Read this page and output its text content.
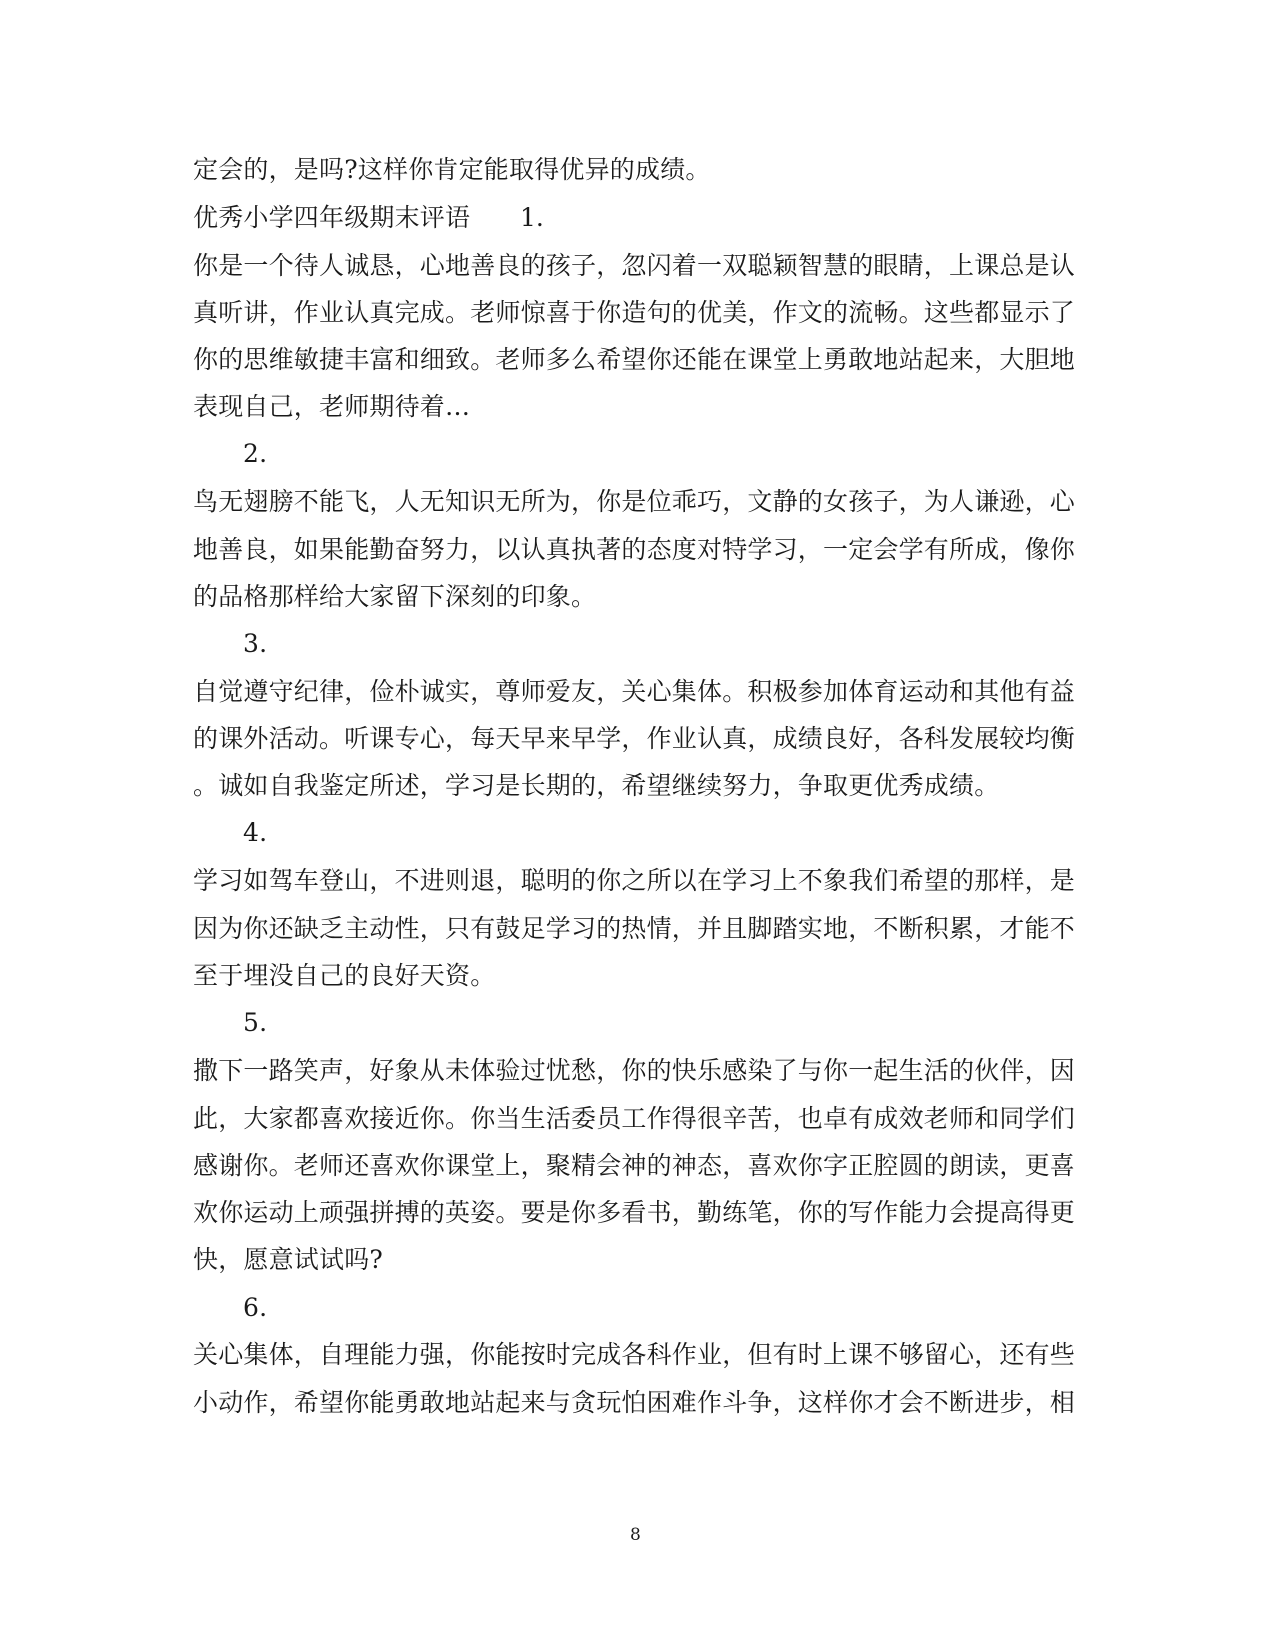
定会的，是吗?这样你肯定能取得优异的成绩。
优秀小学四年级期末评语 1.
你是一个待人诚恳，心地善良的孩子，忽闪着一双聪颖智慧的眼睛，上课总是认
真听讲，作业认真完成。老师惊喜于你造句的优美，作文的流畅。这些都显示了
你的思维敏捷丰富和细致。老师多么希望你还能在课堂上勇敢地站起来，大胆地
表现自己，老师期待着…
2.
鸟无翅膀不能飞，人无知识无所为，你是位乖巧，文静的女孩子，为人谦逊，心
地善良，如果能勤奋努力，以认真执著的态度对特学习，一定会学有所成，像你
的品格那样给大家留下深刻的印象。
3.
自觉遵守纪律，俭朴诚实，尊师爱友，关心集体。积极参加体育运动和其他有益
的课外活动。听课专心，每天早来早学，作业认真，成绩良好，各科发展较均衡
。诚如自我鉴定所述，学习是长期的，希望继续努力，争取更优秀成绩。
4.
学习如驾车登山，不进则退，聪明的你之所以在学习上不象我们希望的那样，是
因为你还缺乏主动性，只有鼓足学习的热情，并且脚踏实地，不断积累，才能不
至于埋没自己的良好天资。
5.
撒下一路笑声，好象从未体验过忧愁，你的快乐感染了与你一起生活的伙伴，因
此，大家都喜欢接近你。你当生活委员工作得很辛苦，也卓有成效老师和同学们
感谢你。老师还喜欢你课堂上，聚精会神的神态，喜欢你字正腔圆的朗读，更喜
欢你运动上顽强拼搏的英姿。要是你多看书，勤练笔，你的写作能力会提高得更
快，愿意试试吗?
6.
关心集体，自理能力强，你能按时完成各科作业，但有时上课不够留心，还有些
小动作，希望你能勇敢地站起来与贪玩怕困难作斗争，这样你才会不断进步，相
8
